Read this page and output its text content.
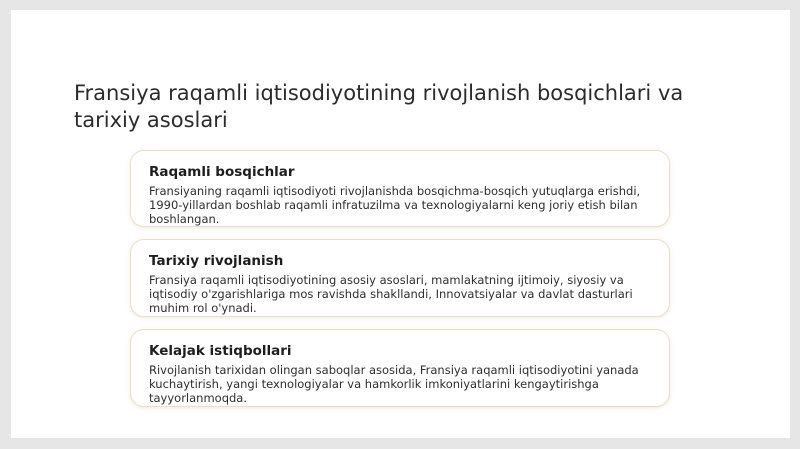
Fransiya raqamli iqtisodiyotining rivojlanish bosqichlari va tarixiy asoslari
Raqamli bosqichlar
Fransiyaning raqamli iqtisodiyoti rivojlanishda bosqichma-bosqich yutuqlarga erishdi, 1990-yillardan boshlab raqamli infratuzilma va texnologiyalarni keng joriy etish bilan boshlangan.
Tarixiy rivojlanish
Fransiya raqamli iqtisodiyotining asosiy asoslari, mamlakatning ijtimoiy, siyosiy va iqtisodiy o'zgarishlariga mos ravishda shakllandi, Innovatsiyalar va davlat dasturlari muhim rol o'ynadi.
Kelajak istiqbollari
Rivojlanish tarixidan olingan saboqlar asosida, Fransiya raqamli iqtisodiyotini yanada kuchaytirish, yangi texnologiyalar va hamkorlik imkoniyatlarini kengaytirishga tayyorlanmoqda.
